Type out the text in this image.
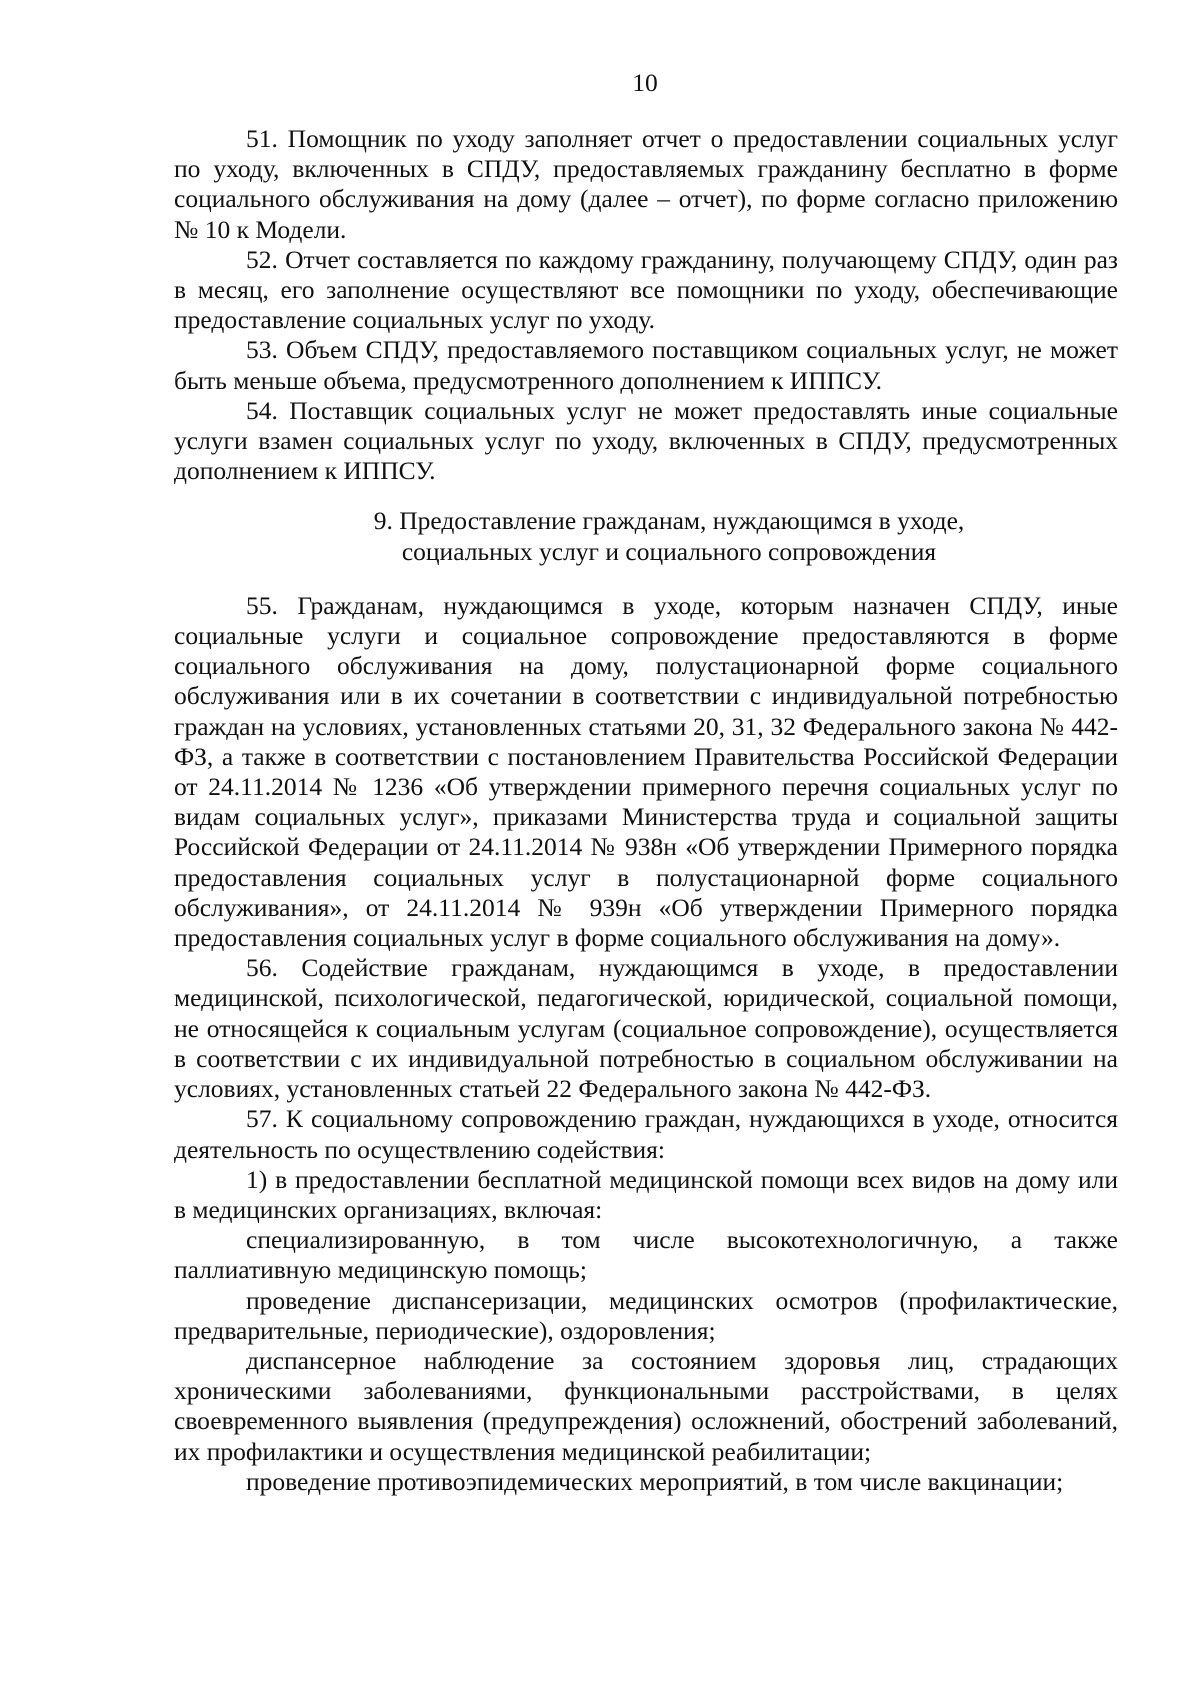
10

51. Помощник по уходу заполняет отчет о предоставлении социальных услуг по уходу, включенных в СПДУ, предоставляемых гражданину бесплатно в форме социального обслуживания на дому (далее – отчет), по форме согласно приложению № 10 к Модели.

52. Отчет составляется по каждому гражданину, получающему СПДУ, один раз в месяц, его заполнение осуществляют все помощники по уходу, обеспечивающие предоставление социальных услуг по уходу.

53. Объем СПДУ, предоставляемого поставщиком социальных услуг, не может быть меньше объема, предусмотренного дополнением к ИППСУ.

54. Поставщик социальных услуг не может предоставлять иные социальные услуги взамен социальных услуг по уходу, включенных в СПДУ, предусмотренных дополнением к ИППСУ.

9. Предоставление гражданам, нуждающимся в уходе,
социальных услуг и социального сопровождения

55. Гражданам, нуждающимся в уходе, которым назначен СПДУ, иные социальные услуги и социальное сопровождение предоставляются в форме социального обслуживания на дому, полустационарной форме социального обслуживания или в их сочетании в соответствии с индивидуальной потребностью граждан на условиях, установленных статьями 20, 31, 32 Федерального закона № 442-ФЗ, а также в соответствии с постановлением Правительства Российской Федерации от 24.11.2014 № 1236 «Об утверждении примерного перечня социальных услуг по видам социальных услуг», приказами Министерства труда и социальной защиты Российской Федерации от 24.11.2014 № 938н «Об утверждении Примерного порядка предоставления социальных услуг в полустационарной форме социального обслуживания», от 24.11.2014 № 939н «Об утверждении Примерного порядка предоставления социальных услуг в форме социального обслуживания на дому».

56. Содействие гражданам, нуждающимся в уходе, в предоставлении медицинской, психологической, педагогической, юридической, социальной помощи, не относящейся к социальным услугам (социальное сопровождение), осуществляется в соответствии с их индивидуальной потребностью в социальном обслуживании на условиях, установленных статьей 22 Федерального закона № 442-ФЗ.

57. К социальному сопровождению граждан, нуждающихся в уходе, относится деятельность по осуществлению содействия:

1) в предоставлении бесплатной медицинской помощи всех видов на дому или в медицинских организациях, включая:

специализированную, в том числе высокотехнологичную, а также паллиативную медицинскую помощь;

проведение диспансеризации, медицинских осмотров (профилактические, предварительные, периодические), оздоровления;

диспансерное наблюдение за состоянием здоровья лиц, страдающих хроническими заболеваниями, функциональными расстройствами, в целях своевременного выявления (предупреждения) осложнений, обострений заболеваний, их профилактики и осуществления медицинской реабилитации;

проведение противоэпидемических мероприятий, в том числе вакцинации;
